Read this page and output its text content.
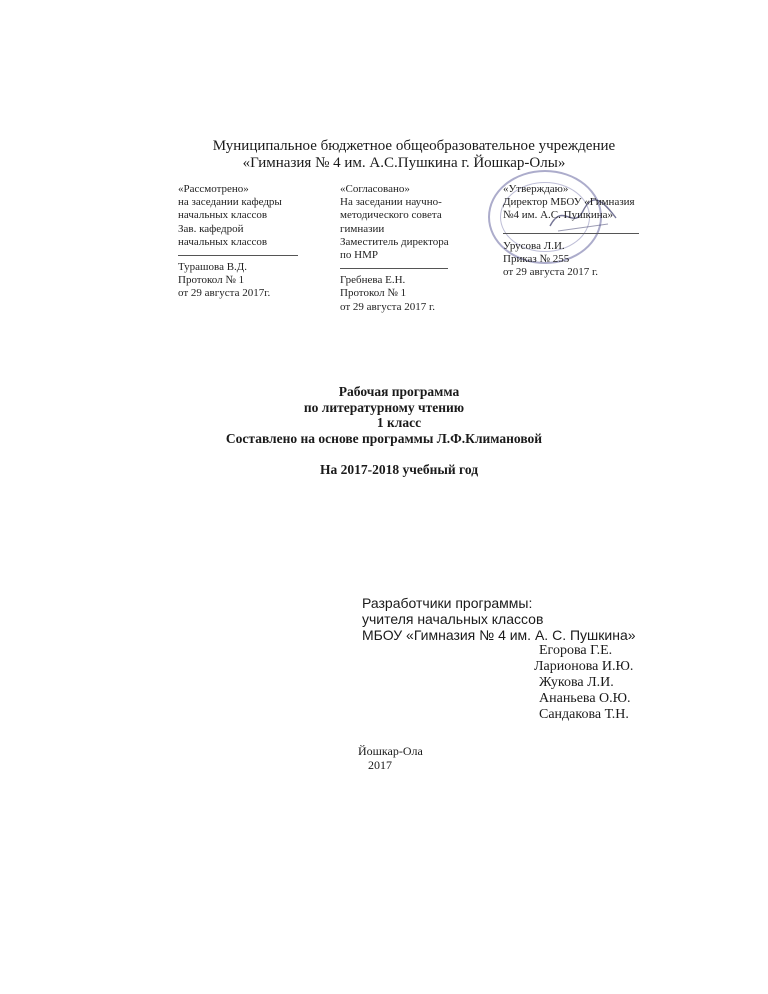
Муниципальное бюджетное общеобразовательное учреждение
«Гимназия № 4 им. А.С.Пушкина г. Йошкар-Олы»
«Рассмотрено»
на заседании кафедры
начальных классов
Зав. кафедрой
начальных классов
Турашова В.Д.
Протокол № 1
от 29 августа 2017г.
«Согласовано»
На заседании научно-
методического совета
гимназии
Заместитель директора
по НМР
Гребнева Е.Н.
Протокол № 1
от 29 августа 2017 г.
«Утверждаю»
Директор МБОУ «Гимназия
№4 им. А.С. Пушкина»
Урусова Л.И.
Приказ № 255
от 29 августа 2017 г.
Рабочая программа
по литературному чтению
1 класс
Составлено на основе программы Л.Ф.Климановой
На 2017-2018 учебный год
Разработчики программы:
учителя начальных классов
МБОУ «Гимназия № 4 им. А. С. Пушкина»
Егорова Г.Е.
Ларионова И.Ю.
Жукова Л.И.
Ананьева О.Ю.
Сандакова Т.Н.
Йошкар-Ола
2017
